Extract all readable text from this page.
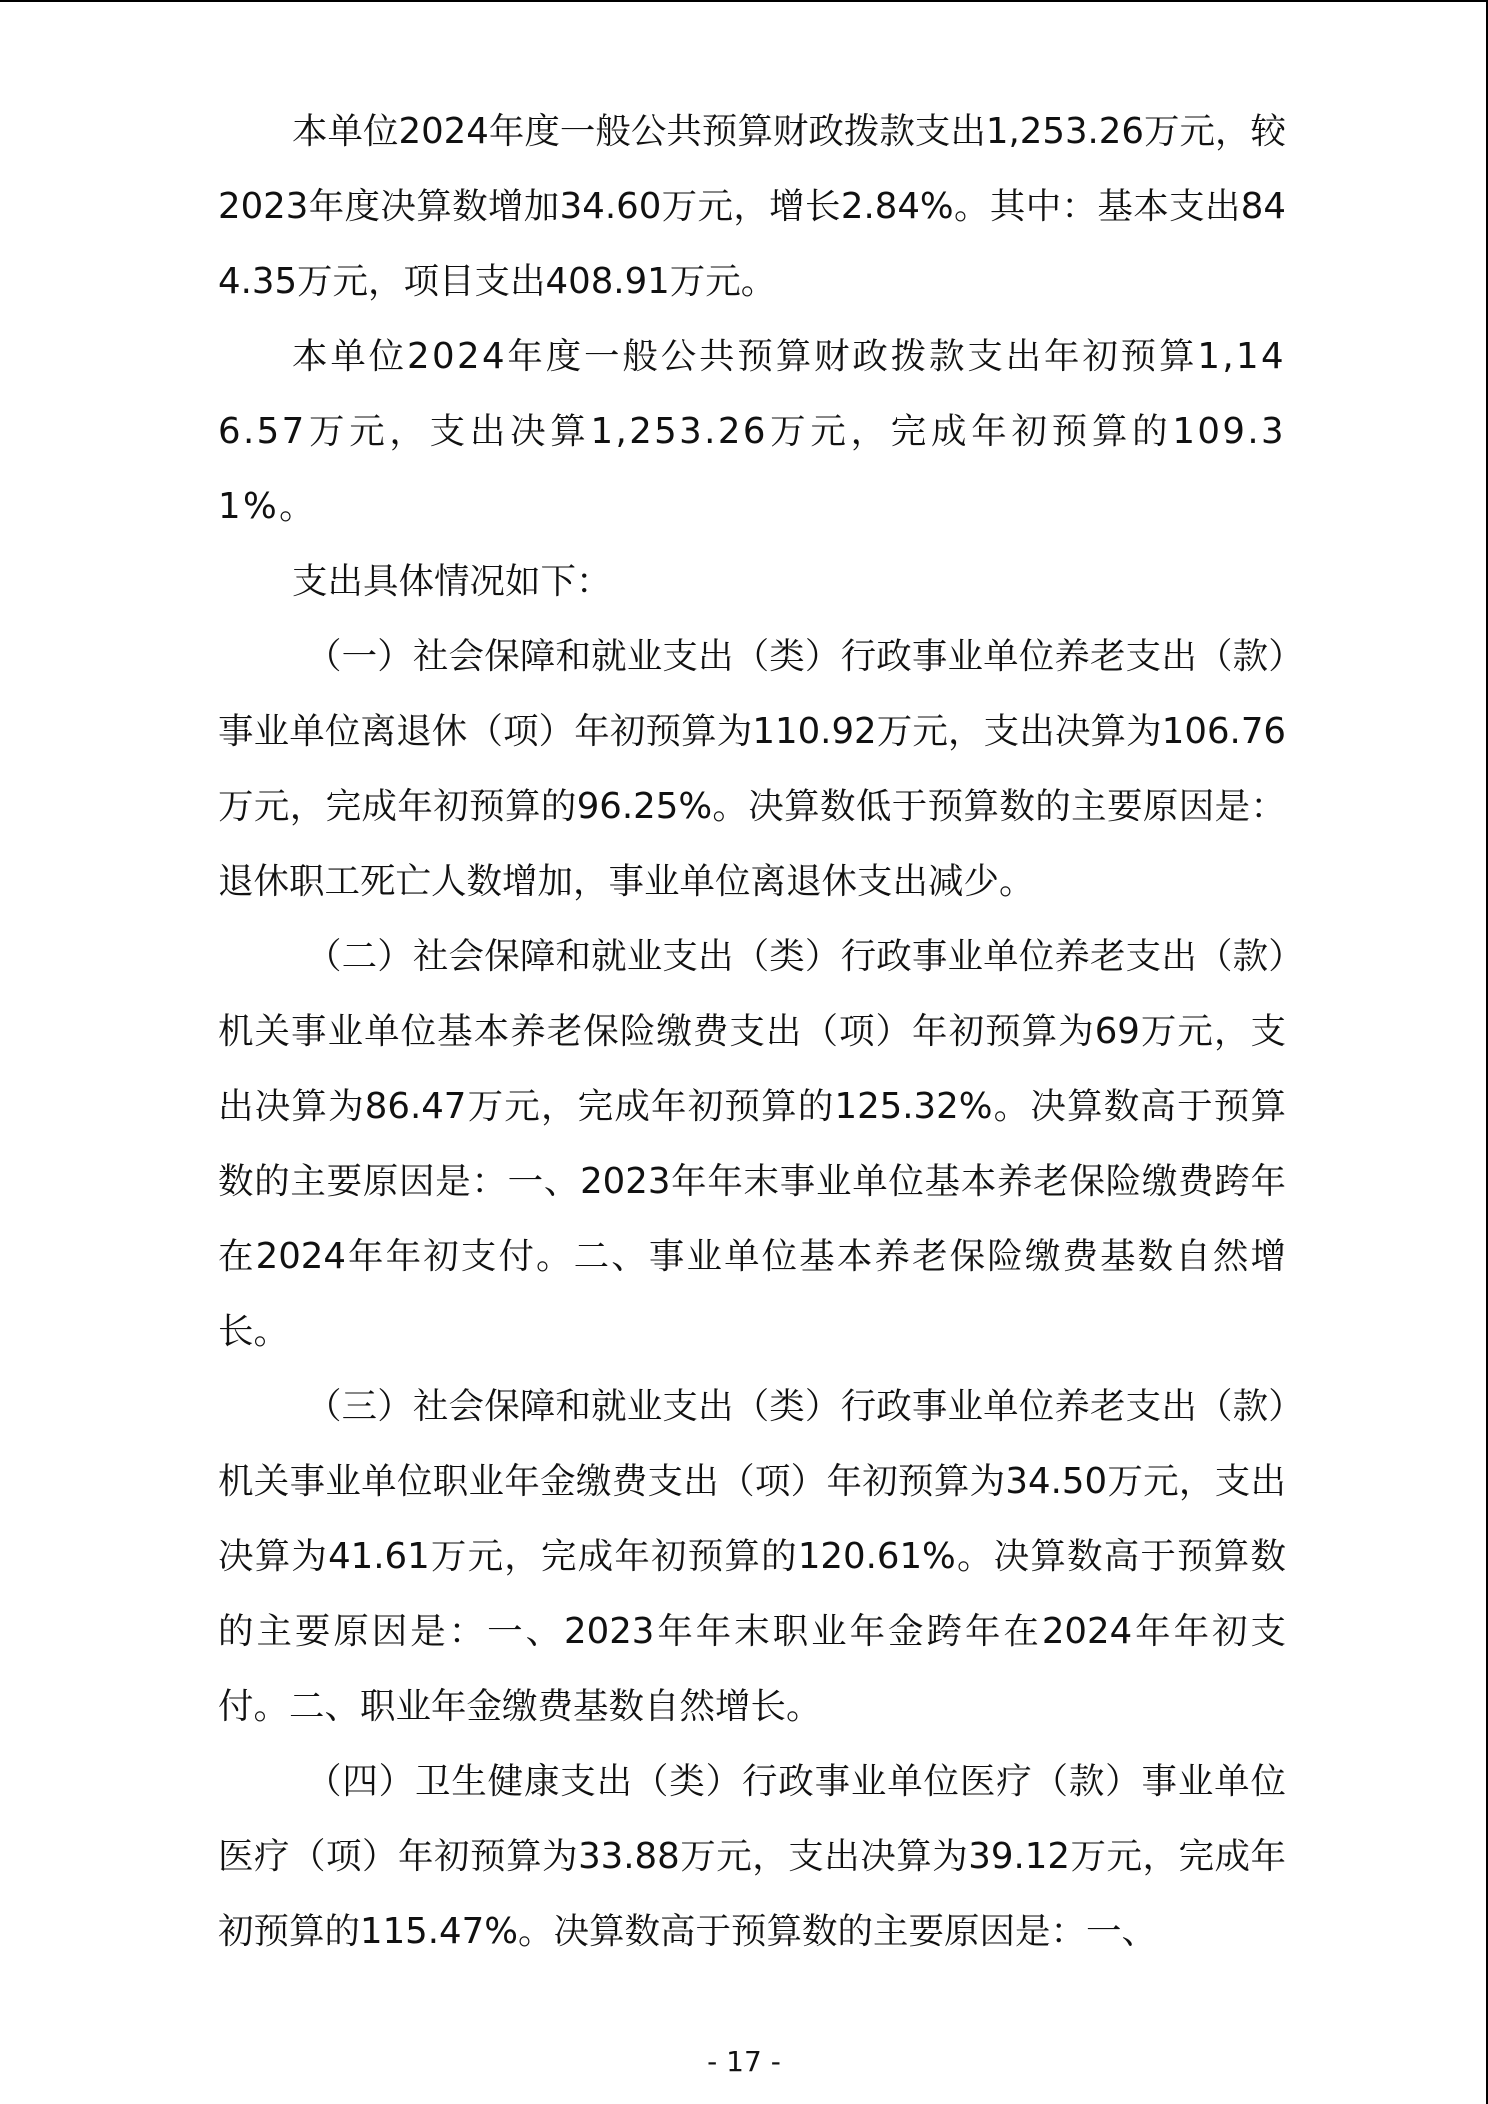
本单位2024年度一般公共预算财政拨款支出1,253.26万元，较2023年度决算数增加34.60万元，增长2.84%。其中：基本支出844.35万元，项目支出408.91万元。

本单位2024年度一般公共预算财政拨款支出年初预算1,146.57万元，支出决算1,253.26万元，完成年初预算的109.31%。

支出具体情况如下：

（一）社会保障和就业支出（类）行政事业单位养老支出（款）事业单位离退休（项）年初预算为110.92万元，支出决算为106.76万元，完成年初预算的96.25%。决算数低于预算数的主要原因是：退休职工死亡人数增加，事业单位离退休支出减少。

（二）社会保障和就业支出（类）行政事业单位养老支出（款）机关事业单位基本养老保险缴费支出（项）年初预算为69万元，支出决算为86.47万元，完成年初预算的125.32%。决算数高于预算数的主要原因是：一、2023年年末事业单位基本养老保险缴费跨年在2024年年初支付。二、事业单位基本养老保险缴费基数自然增长。

（三）社会保障和就业支出（类）行政事业单位养老支出（款）机关事业单位职业年金缴费支出（项）年初预算为34.50万元，支出决算为41.61万元，完成年初预算的120.61%。决算数高于预算数的主要原因是：一、2023年年末职业年金跨年在2024年年初支付。二、职业年金缴费基数自然增长。

（四）卫生健康支出（类）行政事业单位医疗（款）事业单位医疗（项）年初预算为33.88万元，支出决算为39.12万元，完成年初预算的115.47%。决算数高于预算数的主要原因是：一、

- 17 -
